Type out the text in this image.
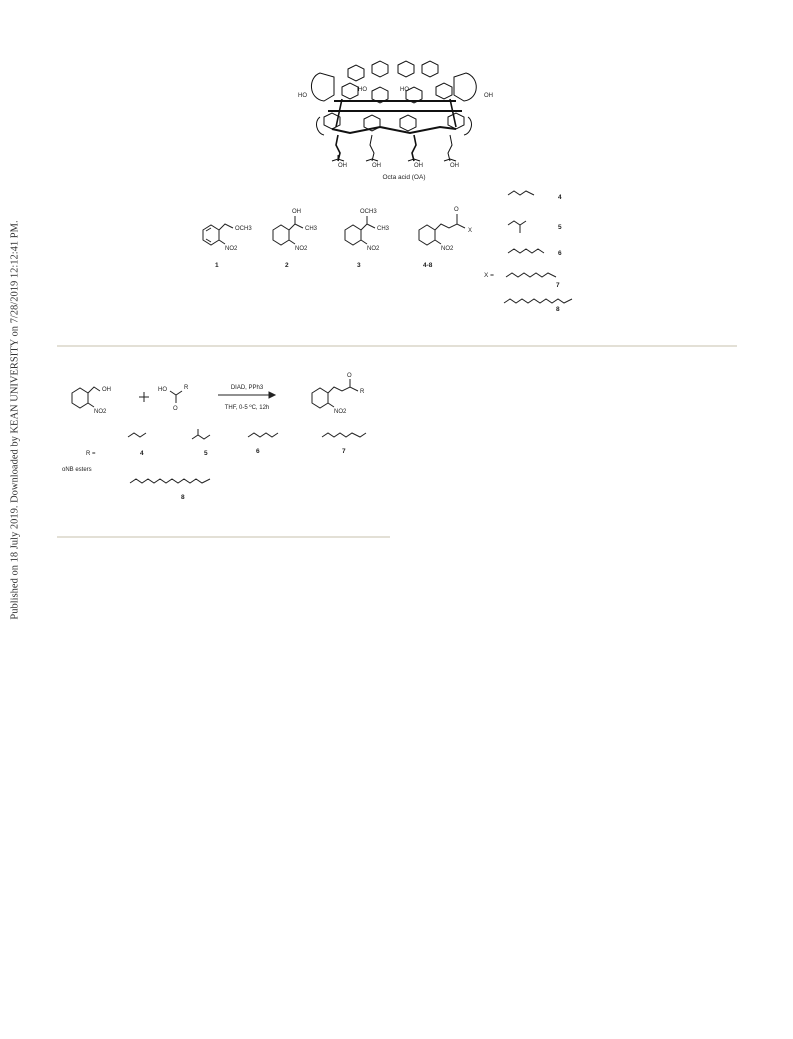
Published on 18 July 2019. Downloaded by KEAN UNIVERSITY on 7/28/2019 12:12:41 PM.
HO	OH
HO	HO
OH	OH	OH	OH
Octa acid (OA)
OCH3
NO2
1
OH
CH3
NO2
2
OCH3
CH3
NO2
3
O
X
NO2
4-8
4
5
6
7
8
X =
OH
NO2
HO	R
O
DIAD, PPh3
THF, 0-5 ºC, 12h
O
R
NO2
R =
oNB esters
4	5	6	7
8
